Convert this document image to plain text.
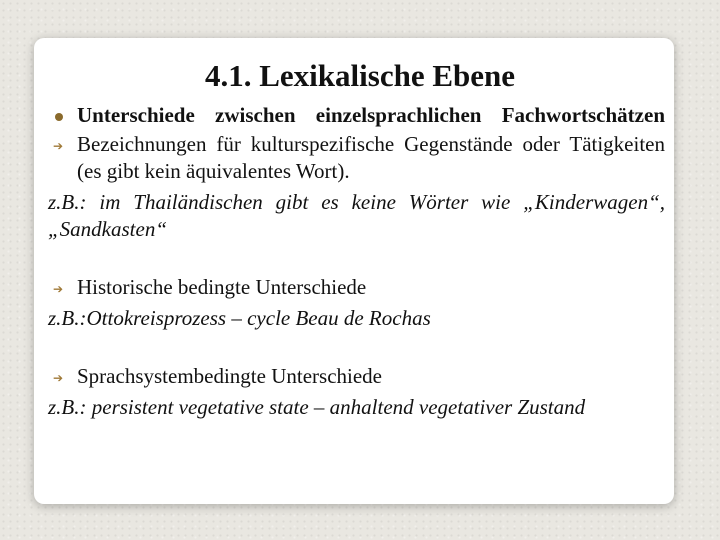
4.1. Lexikalische Ebene
Unterschiede zwischen einzelsprachlichen Fachwortschätzen
➔ Bezeichnungen für kulturspezifische Gegenstände oder Tätigkeiten (es gibt kein äquivalentes Wort).
z.B.: im Thailändischen gibt es keine Wörter wie „Kinderwagen“, „Sandkasten“
➔ Historische bedingte Unterschiede
z.B.:Ottokreisprozess – cycle Beau de Rochas
➔ Sprachsystembedingte Unterschiede
z.B.: persistent vegetative state – anhaltend vegetativer Zustand
